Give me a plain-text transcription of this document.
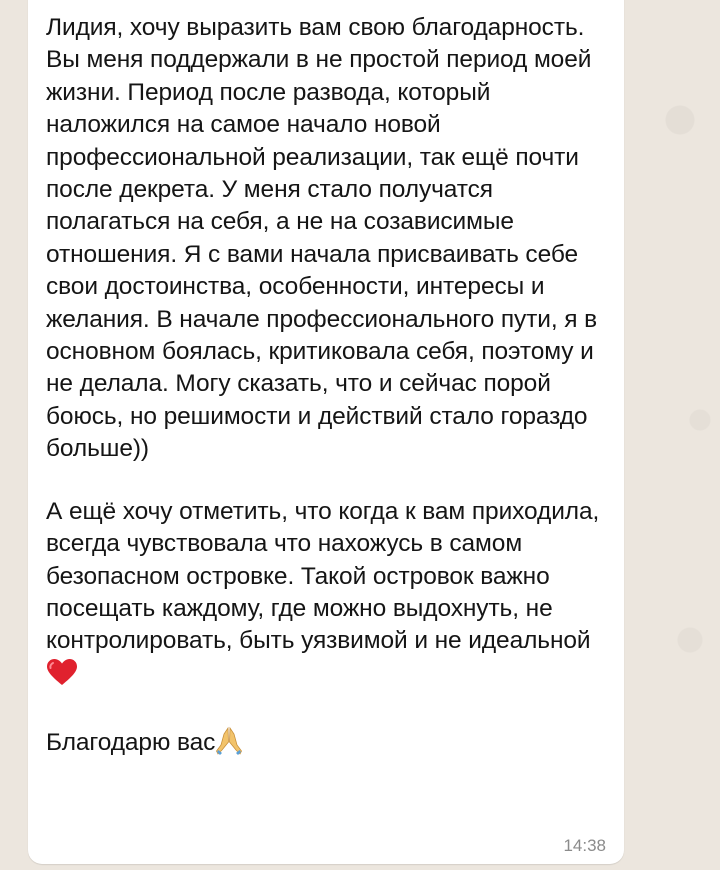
Лидия, хочу выразить вам свою благодарность. Вы меня поддержали в не простой период моей жизни. Период после развода, который наложился на самое начало новой профессиональной реализации, так ещё почти после декрета. У меня стало получатся полагаться на себя, а не на созависимые отношения. Я с вами начала присваивать себе свои достоинства, особенности, интересы и желания. В начале профессионального пути, я в основном боялась, критиковала себя, поэтому и не делала. Могу сказать, что и сейчас порой боюсь, но решимости и действий стало гораздо больше))

А ещё хочу отметить, что когда к вам приходила, всегда чувствовала что нахожусь в самом безопасном островке. Такой островок важно посещать каждому, где можно выдохнуть, не контролировать, быть уязвимой и не идеальной

Благодарю вас

14:38
